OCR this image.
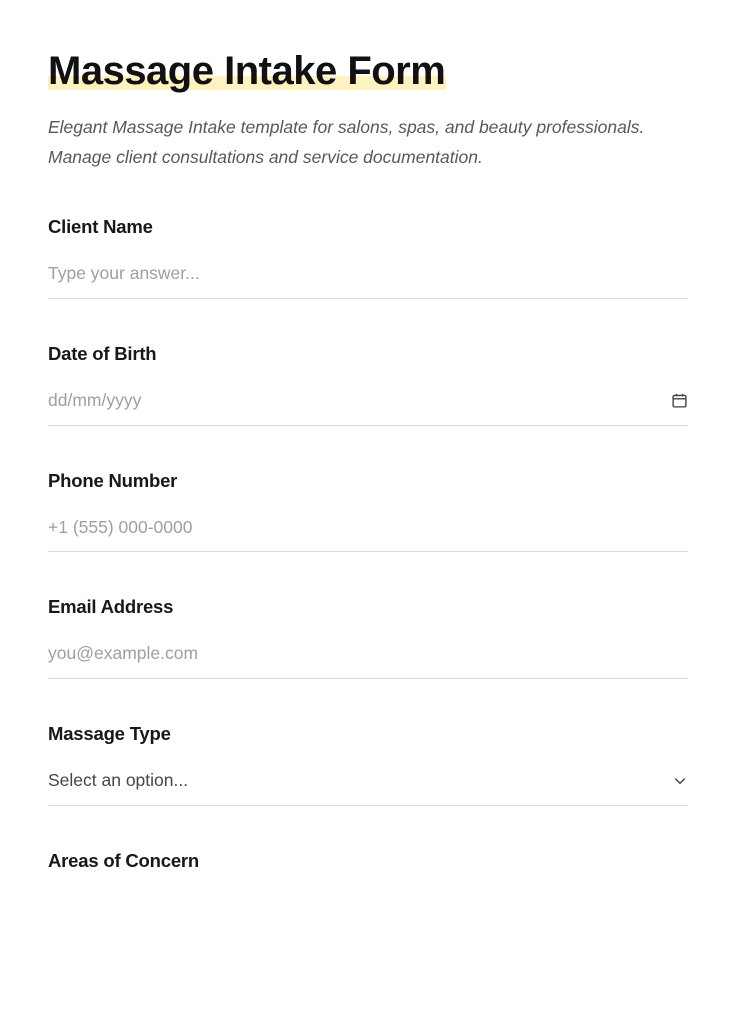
Massage Intake Form

Elegant Massage Intake template for salons, spas, and beauty professionals. Manage client consultations and service documentation.

Client Name
Type your answer...
Date of Birth
dd/mm/yyyy
Phone Number
+1 (555) 000-0000
Email Address
you@example.com
Massage Type
Select an option...
Areas of Concern
